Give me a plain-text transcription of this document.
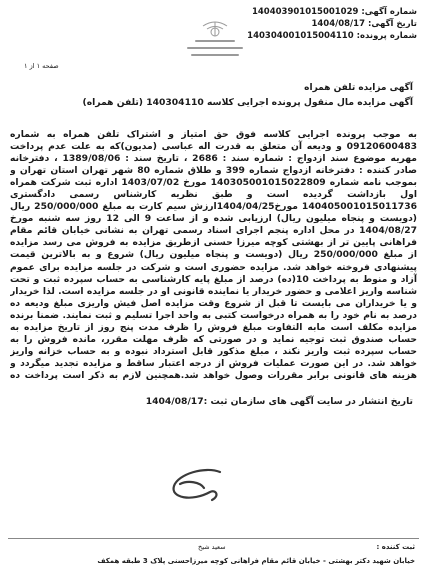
شماره آگهی: 140403901015001029
تاریخ آگهی: 1404/08/17
شماره پرونده: 140304001015004110
صفحه ۱ از ۱
آگهی مزایده تلفن همراه
آگهی مزایده مال منقول پرونده اجرایی کلاسه 140304110 (تلفن همراه)
به موجب پرونده اجرایی کلاسه فوق حق امتیاز و اشتراک تلفن همراه به شماره 09120600483 و ودیعه آن متعلق به قدرت اله عباسی (مدیون)که به علت عدم پرداخت مهریه موضوع سند ازدواج : شماره سند : 2686 ، تاریخ سند : 1389/08/06 ، دفترخانه صادر کننده : دفترخانه ازدواج شماره 399 و طلاق شماره 80 شهر تهران استان تهران و بموجب نامه شماره 140305001015022809 مورخ 1403/07/02 اداره ثبت شرکت همراه اول بازداشت گردیده است و طبق نظریه کارشناس رسمی دادگستری 140405001015011736 مورخ1404/04/25ارزش سیم کارت به مبلغ 250/000/000 ریال (دویست و پنجاه میلیون ریال) ارزیابی شده و از ساعت 9 الی 12 روز سه شنبه مورخ 1404/08/27 در محل اداره پنجم اجرای اسناد رسمی تهران به نشانی خیابان قائم مقام فراهانی پایین تر از بهشتی کوچه میرزا حسنی ازطریق مزایده به فروش می رسد مزایده از مبلغ 250/000/000 ریال (دویست و پنجاه میلیون ریال) شروع و به بالاترین قیمت پیشنهادی فروخته خواهد شد. مزایده حضوری است و شرکت در جلسه مزایده برای عموم آزاد و منوط به پرداخت 10(ده) درصد از مبلغ پایه کارشناسی به حساب سپرده ثبت و تحت شناسه واریز اعلامی و حضور خریدار یا نماینده قانونی او در جلسه مزایده است. لذا خریدار و یا خریداران می بایست تا قبل از شروع وقت مزایده اصل فیش واریزی مبلغ ودیعه ده درصد به نام خود را به همراه درخواست کتبی به واحد اجرا تسلیم و ثبت نمایند. ضمنا برنده مزایده مکلف است مابه التفاوت مبلغ فروش را ظرف مدت پنج روز از تاریخ مزایده به حساب صندوق ثبت توجیه نماید و در صورتی که ظرف مهلت مقرر، مانده فروش را به حساب سپرده ثبت واریز نکند ، مبلغ مذکور قابل استرداد نبوده و به حساب خزانه واریز خواهد شد. در این صورت عملیات فروش از درجه اعتبار ساقط و مزایده تجدید میگردد و هزینه های قانونی برابر مقررات وصول خواهد شد.همچنین لازم به ذکر است پرداخت ده
تاریخ انتشار در سایت آگهی های سازمان ثبت :1404/08/17
ثبت کننده :
سعید شیخ
خیابان شهید دکتر بهشتی - خیابان قائم مقام فراهانی کوچه میرزاحسنی پلاک 3 طبقه همکف
